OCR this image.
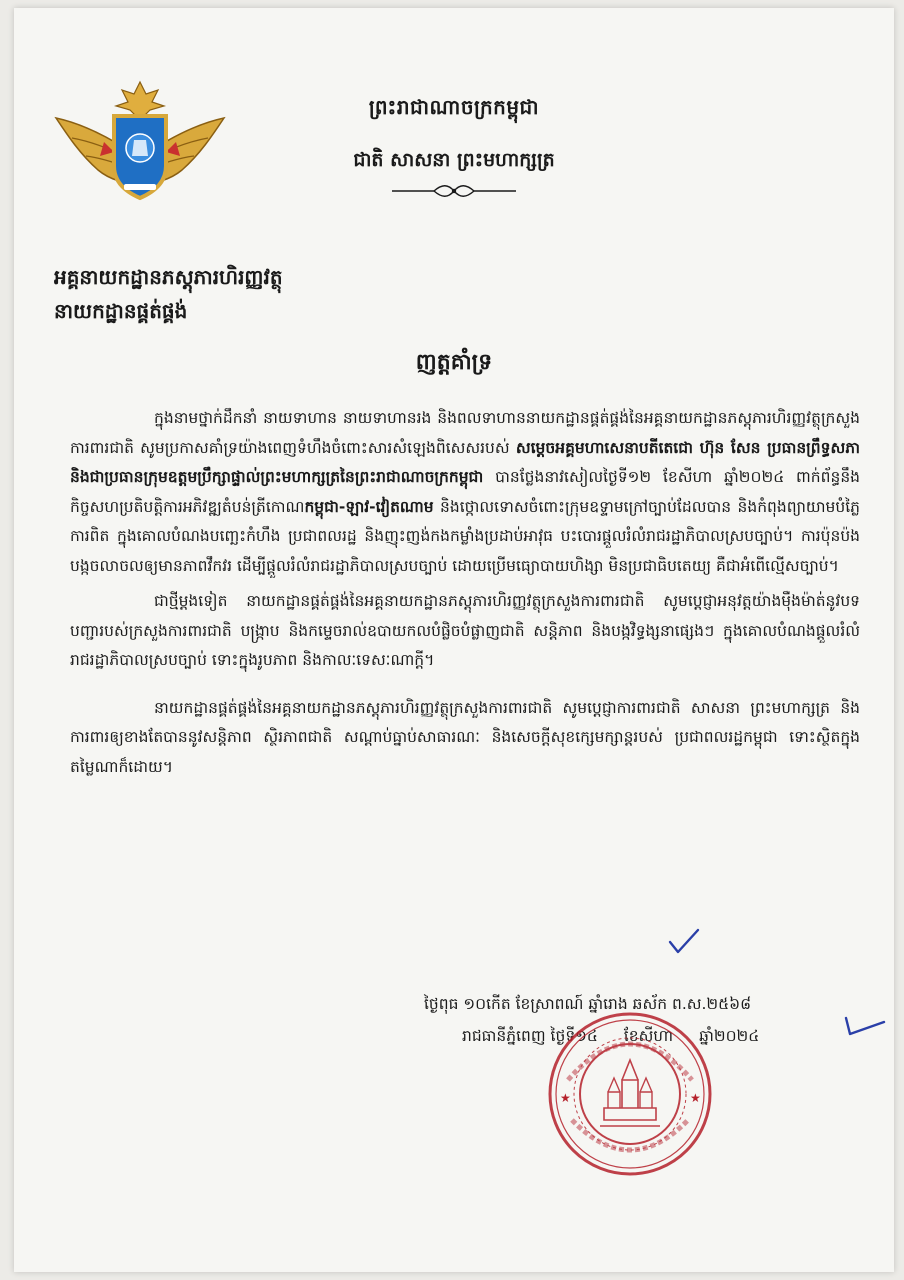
ព្រះរាជាណាចក្រកម្ពុជា
ជាតិ សាសនា ព្រះមហាក្សត្រ
អគ្គនាយកដ្ឋានភស្តុភារហិរញ្ញវត្ថុ
នាយកដ្ឋានផ្គត់ផ្គង់
ញត្តគាំទ្រ

ក្នុងនាមថ្នាក់ដឹកនាំ នាយទាហាន នាយទាហានរង និងពលទាហាននាយកដ្ឋានផ្គត់ផ្គង់នៃអគ្គនាយកដ្ឋានភស្តុភារហិរញ្ញវត្ថុក្រសួងការពារជាតិ សូមប្រកាសគាំទ្រយ៉ាងពេញទំហឹងចំពោះសារសំឡេងពិសេសរបស់ សម្តេចអគ្គមហាសេនាបតីតេជោ ហ៊ុន សែន ប្រធានព្រឹទ្ធសភា និងជាប្រធានក្រុមឧត្តមប្រឹក្សាផ្ទាល់ព្រះមហាក្សត្រនៃព្រះរាជាណាចក្រកម្ពុជា បានថ្លែងនាវសៀលថ្ងៃទី១២ ខែសីហា ឆ្នាំ២០២៤ ពាក់ព័ន្ធនឹងកិច្ចសហប្រតិបត្តិការអភិវឌ្ឍតំបន់ត្រីកោណកម្ពុជា-ឡាវ-វៀតណាម និងថ្កោលទោសចំពោះក្រុមឧទ្ទាមក្រៅច្បាប់ដែលបាន និងកំពុងព្យាយាមបំភ្លៃការពិត ក្នុងគោលបំណងបញ្ឆេះកំហឹង ប្រជាពលរដ្ឋ និងញុះញង់កងកម្លាំងប្រដាប់អាវុធ បះបោរផ្តួលរំលំរាជរដ្ឋាភិបាលស្របច្បាប់។ ការប៉ុនប៉ងបង្កចលាចលឲ្យមានភាពវឹកវរ ដើម្បីផ្តួលរំលំរាជរដ្ឋាភិបាលស្របច្បាប់ ដោយប្រើមធ្យោបាយហិង្សា មិនប្រជាធិបតេយ្យ គឺជាអំពើល្មើសច្បាប់។

ជាថ្មីម្តងទៀត នាយកដ្ឋានផ្គត់ផ្គង់នៃអគ្គនាយកដ្ឋានភស្តុភារហិរញ្ញវត្ថុក្រសួងការពារជាតិ សូមប្តេជ្ញាអនុវត្តយ៉ាងម៉ឺងម៉ាត់នូវបទបញ្ជារបស់ក្រសួងការពារជាតិ បង្ក្រាប និងកម្ទេចរាល់ឧបាយកលបំផ្លិចបំផ្លាញជាតិ សន្តិភាព និងបង្កវិទ្ធង្សនាផ្សេងៗ ក្នុងគោលបំណងផ្តួលរំលំរាជរដ្ឋាភិបាលស្របច្បាប់ ទោះក្នុងរូបភាព និងកាលៈទេសៈណាក្តី។

នាយកដ្ឋានផ្គត់ផ្គង់នៃអគ្គនាយកដ្ឋានភស្តុភារហិរញ្ញវត្ថុក្រសួងការពារជាតិ សូមប្តេជ្ញាការពារជាតិ សាសនា ព្រះមហាក្សត្រ និងការពារឲ្យខាងតែបាននូវសន្តិភាព ស្ថិរភាពជាតិ សណ្តាប់ធ្នាប់សាធារណៈ និងសេចក្តីសុខក្សេមក្សាន្តរបស់ ប្រជាពលរដ្ឋកម្ពុជា ទោះស្ថិតក្នុងតម្លៃណាក៏ដោយ។

ថ្ងៃពុធ ១០កើត ខែស្រាពណ៍ ឆ្នាំរោង ឆស័ក ព.ស.២៥៦៨
រាជធានីភ្នំពេញ ថ្ងៃទី១៤ ខែសីហា ឆ្នាំ២០២៤
★	★
